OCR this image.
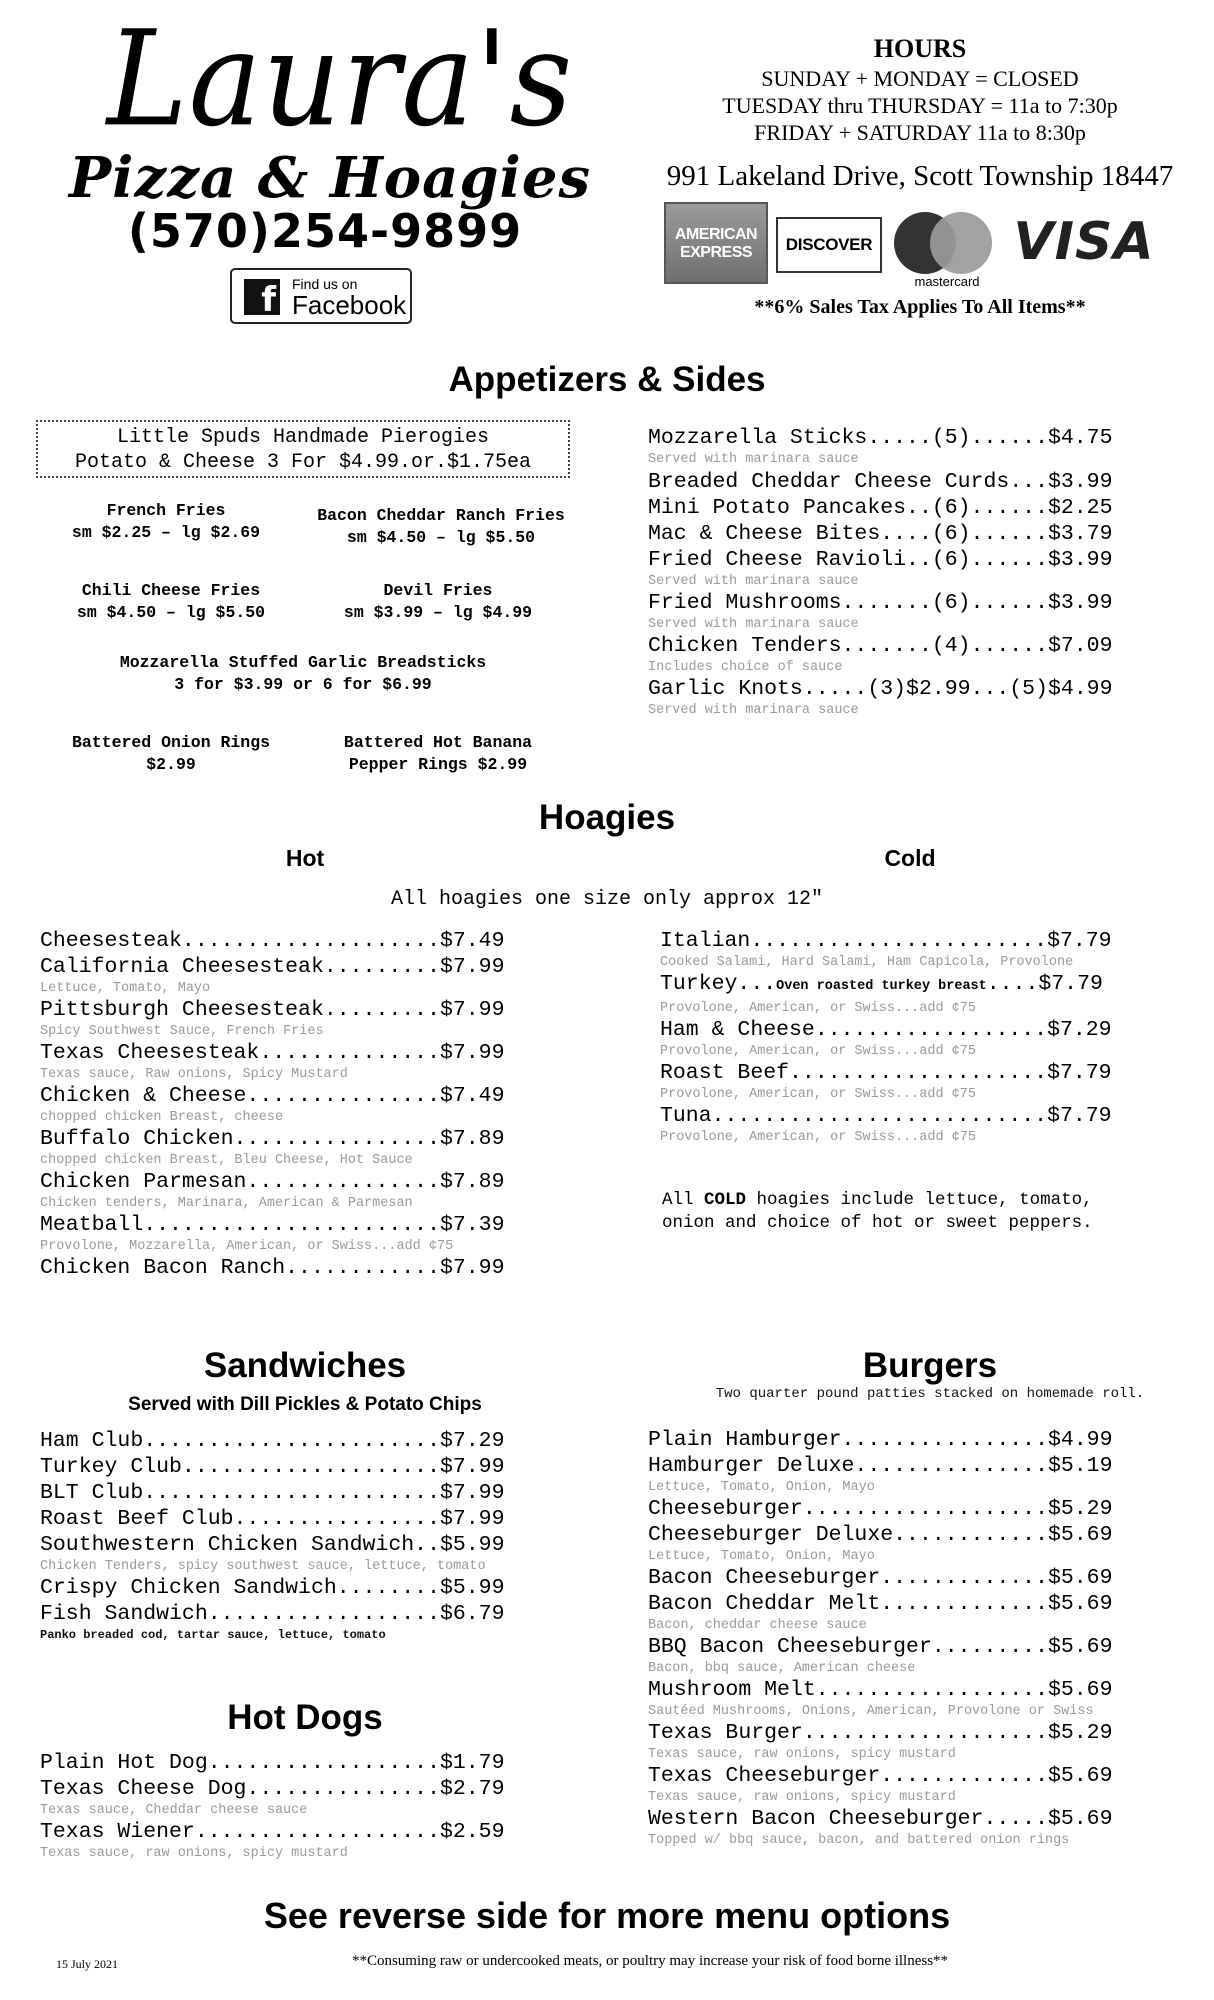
Laura's
Pizza & Hoagies
(570)254-9899
f Find us on
Facebook
HOURS
SUNDAY + MONDAY = CLOSED
TUESDAY thru THURSDAY = 11a to 7:30p
FRIDAY + SATURDAY 11a to 8:30p
991 Lakeland Drive, Scott Township 18447
AMERICAN
EXPRESS	DISCOVER
mastercard
VISA
**6% Sales Tax Applies To All Items**
Appetizers & Sides
Little Spuds Handmade Pierogies
Potato & Cheese 3 For $4.99.or.$1.75ea
French Fries
sm $2.25 – lg $2.69
Bacon Cheddar Ranch Fries
sm $4.50 – lg $5.50
Chili Cheese Fries
sm $4.50 – lg $5.50
Devil Fries
sm $3.99 – lg $4.99
Mozzarella Stuffed Garlic Breadsticks
3 for $3.99 or 6 for $6.99
Battered Onion Rings
$2.99
Battered Hot Banana
Pepper Rings $2.99
Mozzarella Sticks.....(5)......$4.75
Served with marinara sauce
Breaded Cheddar Cheese Curds...$3.99
Mini Potato Pancakes..(6)......$2.25
Mac & Cheese Bites....(6)......$3.79
Fried Cheese Ravioli..(6)......$3.99
Served with marinara sauce
Fried Mushrooms.......(6)......$3.99
Served with marinara sauce
Chicken Tenders.......(4)......$7.09
Includes choice of sauce
Garlic Knots.....(3)$2.99...(5)$4.99
Served with marinara sauce
Hoagies
Hot	Cold
All hoagies one size only approx 12"
Cheesesteak....................$7.49
California Cheesesteak.........$7.99
Lettuce, Tomato, Mayo
Pittsburgh Cheesesteak.........$7.99
Spicy Southwest Sauce, French Fries
Texas Cheesesteak..............$7.99
Texas sauce, Raw onions, Spicy Mustard
Chicken & Cheese...............$7.49
chopped chicken Breast, cheese
Buffalo Chicken................$7.89
chopped chicken Breast, Bleu Cheese, Hot Sauce
Chicken Parmesan...............$7.89
Chicken tenders, Marinara, American & Parmesan
Meatball.......................$7.39
Provolone, Mozzarella, American, or Swiss...add ¢75
Chicken Bacon Ranch............$7.99
Italian.......................$7.79
Cooked Salami, Hard Salami, Ham Capicola, Provolone
Turkey...Oven roasted turkey breast....$7.79
Provolone, American, or Swiss...add ¢75
Ham & Cheese..................$7.29
Provolone, American, or Swiss...add ¢75
Roast Beef....................$7.79
Provolone, American, or Swiss...add ¢75
Tuna..........................$7.79
Provolone, American, or Swiss...add ¢75
All COLD hoagies include lettuce, tomato,
onion and choice of hot or sweet peppers.
Sandwiches
Served with Dill Pickles & Potato Chips
Ham Club.......................$7.29
Turkey Club....................$7.99
BLT Club.......................$7.99
Roast Beef Club................$7.99
Southwestern Chicken Sandwich..$5.99
Chicken Tenders, spicy southwest sauce, lettuce, tomato
Crispy Chicken Sandwich........$5.99
Fish Sandwich..................$6.79
Panko breaded cod, tartar sauce, lettuce, tomato
Hot Dogs
Plain Hot Dog..................$1.79
Texas Cheese Dog...............$2.79
Texas sauce, Cheddar cheese sauce
Texas Wiener...................$2.59
Texas sauce, raw onions, spicy mustard
Burgers
Two quarter pound patties stacked on homemade roll.
Plain Hamburger................$4.99
Hamburger Deluxe...............$5.19
Lettuce, Tomato, Onion, Mayo
Cheeseburger...................$5.29
Cheeseburger Deluxe............$5.69
Lettuce, Tomato, Onion, Mayo
Bacon Cheeseburger.............$5.69
Bacon Cheddar Melt.............$5.69
Bacon, cheddar cheese sauce
BBQ Bacon Cheeseburger.........$5.69
Bacon, bbq sauce, American cheese
Mushroom Melt..................$5.69
Sautéed Mushrooms, Onions, American, Provolone or Swiss
Texas Burger...................$5.29
Texas sauce, raw onions, spicy mustard
Texas Cheeseburger.............$5.69
Texas sauce, raw onions, spicy mustard
Western Bacon Cheeseburger.....$5.69
Topped w/ bbq sauce, bacon, and battered onion rings
See reverse side for more menu options
15 July 2021	**Consuming raw or undercooked meats, or poultry may increase your risk of food borne illness**
